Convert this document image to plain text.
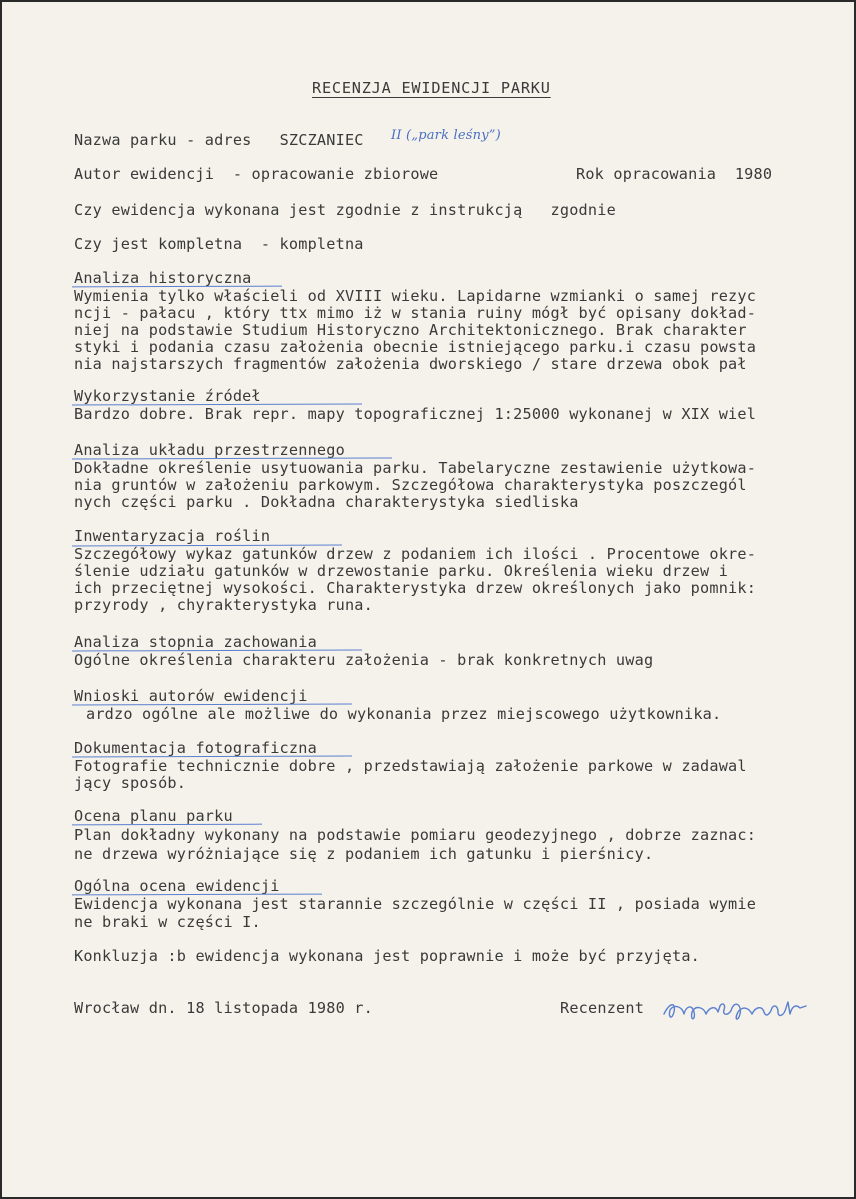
RECENZJA EWIDENCJI PARKU
Nazwa parku - adres SZCZANIEC II („park leśny”)
Autor ewidencji - opracowanie zbiorowe	Rok opracowania 1980
Czy ewidencja wykonana jest zgodnie z instrukcją zgodnie
Czy jest kompletna - kompletna
Analiza historyczna
Wymienia tylko właścieli od XVIII wieku. Lapidarne wzmianki o samej rezyc
ncji - pałacu , który ttx mimo iż w stania ruiny mógł być opisany dokład-
niej na podstawie Studium Historyczno Architektonicznego. Brak charakter
styki i podania czasu założenia obecnie istniejącego parku.i czasu powsta
nia najstarszych fragmentów założenia dworskiego / stare drzewa obok pał
Wykorzystanie źródeł
Bardzo dobre. Brak repr. mapy topograficznej 1:25000 wykonanej w XIX wiel
Analiza układu przestrzennego
Dokładne określenie usytuowania parku. Tabelaryczne zestawienie użytkowa-
nia gruntów w założeniu parkowym. Szczegółowa charakterystyka poszczegól
nych części parku . Dokładna charakterystyka siedliska
Inwentaryzacja roślin
Szczegółowy wykaz gatunków drzew z podaniem ich ilości . Procentowe okre-
ślenie udziału gatunków w drzewostanie parku. Określenia wieku drzew i
ich przeciętnej wysokości. Charakterystyka drzew określonych jako pomnik:
przyrody , chyrakterystyka runa.
Analiza stopnia zachowania
Ogólne określenia charakteru założenia - brak konkretnych uwag
Wnioski autorów ewidencji
ardzo ogólne ale możliwe do wykonania przez miejscowego użytkownika.
Dokumentacja fotograficzna
Fotografie technicznie dobre , przedstawiają założenie parkowe w zadawal
jący sposób.
Ocena planu parku
Plan dokładny wykonany na podstawie pomiaru geodezyjnego , dobrze zaznac:
ne drzewa wyróżniające się z podaniem ich gatunku i pierśnicy.
Ogólna ocena ewidencji
Ewidencja wykonana jest starannie szczególnie w części II , posiada wymie
ne braki w części I.
Konkluzja :b ewidencja wykonana jest poprawnie i może być przyjęta.
Wrocław dn. 18 listopada 1980 r.	Recenzent
